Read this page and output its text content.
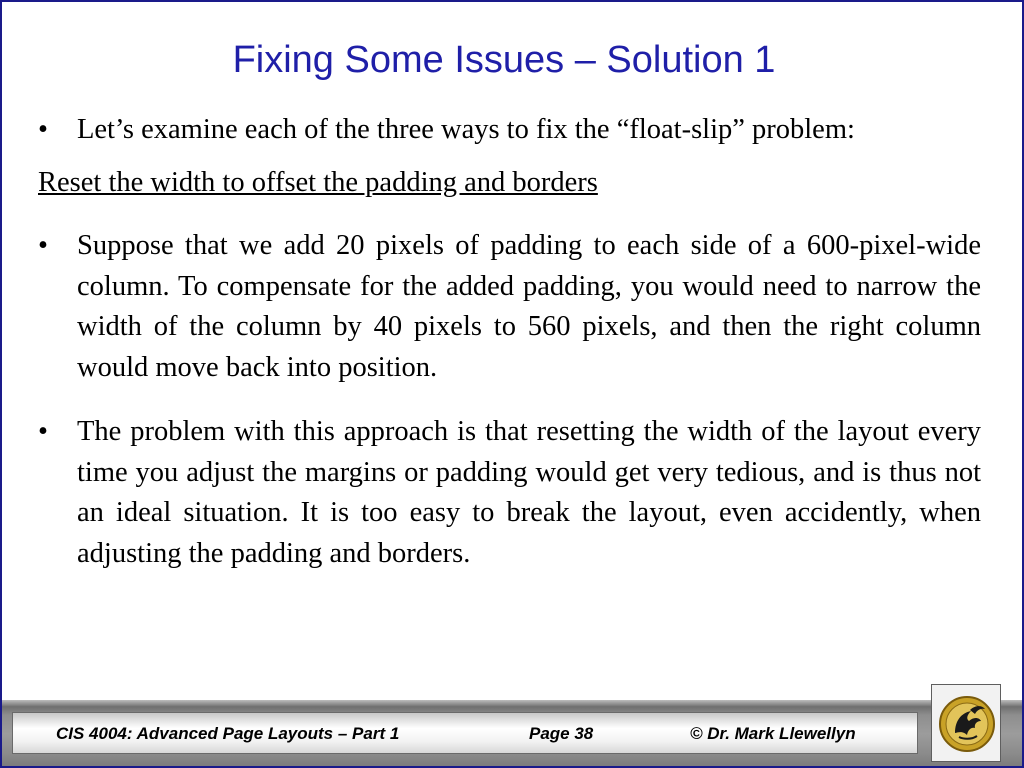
Fixing Some Issues – Solution 1
• Let’s examine each of the three ways to fix the “float-slip” problem:
Reset the width to offset the padding and borders
• Suppose that we add 20 pixels of padding to each side of a 600-pixel-wide column. To compensate for the added padding, you would need to narrow the width of the column by 40 pixels to 560 pixels, and then the right column would move back into position.
• The problem with this approach is that resetting the width of the layout every time you adjust the margins or padding would get very tedious, and is thus not an ideal situation. It is too easy to break the layout, even accidently, when adjusting the padding and borders.
CIS 4004: Advanced Page Layouts – Part 1	Page 38	© Dr. Mark Llewellyn
